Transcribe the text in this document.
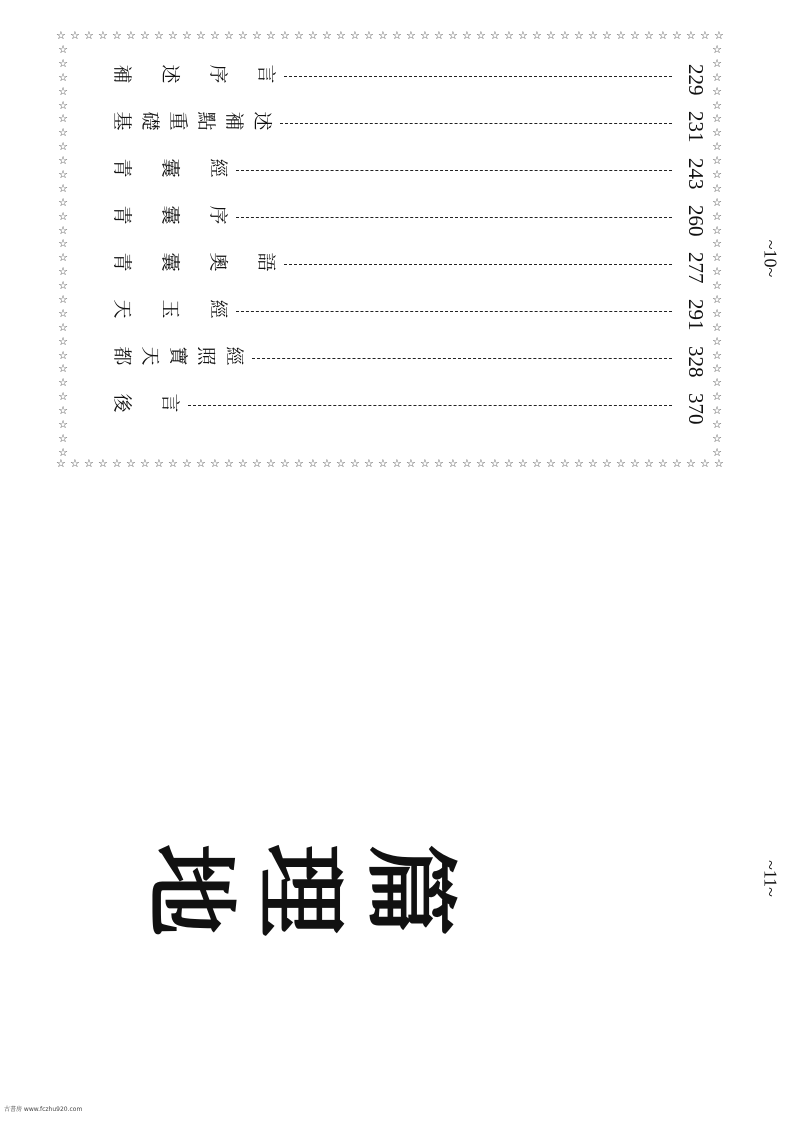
☆ ☆ ☆ ☆ ☆ ☆ ☆ ☆ ☆ ☆ ☆ ☆ ☆ ☆ ☆ ☆ ☆ ☆ ☆ ☆ ☆ ☆ ☆ ☆ ☆ ☆ ☆ ☆ ☆ ☆ ☆ ☆ ☆ ☆ ☆ ☆ ☆ ☆ ☆ ☆ ☆ ☆ ☆ ☆ ☆ ☆ ☆ ☆
☆ ☆ ☆ ☆ ☆ ☆ ☆ ☆ ☆ ☆ ☆ ☆ ☆ ☆ ☆ ☆ ☆ ☆ ☆ ☆ ☆ ☆ ☆ ☆ ☆ ☆ ☆ ☆ ☆ ☆ ☆ ☆ ☆ ☆ ☆ ☆ ☆ ☆ ☆ ☆ ☆ ☆ ☆ ☆ ☆ ☆ ☆ ☆
☆
☆
☆
☆
☆
☆
☆
☆
☆
☆
☆
☆
☆
☆
☆
☆
☆
☆
☆
☆
☆
☆
☆
☆
☆
☆
☆
☆
☆
☆
☆
☆
☆
☆
☆
☆
☆
☆
☆
☆
☆
☆
☆
☆
☆
☆
☆
☆
☆
☆
☆
☆
☆
☆
☆
☆
☆
☆
☆
☆
補 述 序 言	229
基 礎 重 點 補 述	231
青 囊 經	243
青 囊 序	260
青 囊 奧 語	277
天 玉 經	291
都 天 寶 照 經	328
後 言	370
~10~
地 理 篇	~11~
古書房 www.fczhu920.com
